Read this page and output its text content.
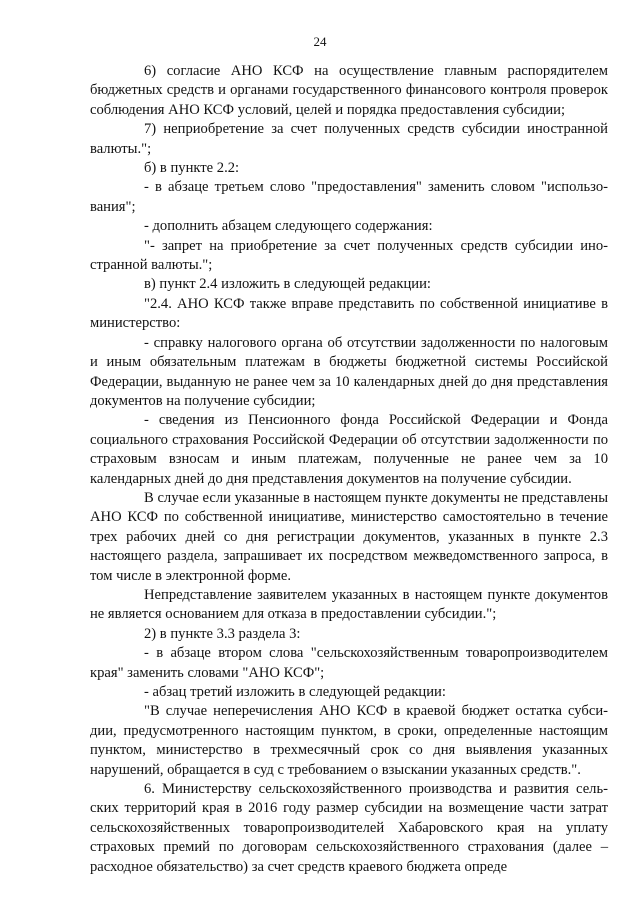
24

6) согласие АНО КСФ на осуществление главным распорядителем бюджетных средств и органами государственного финансового контроля проверок соблюдения АНО КСФ условий, целей и порядка предоставления субсидии;

7) неприобретение за счет полученных средств субсидии иностранной валюты.";

б) в пункте 2.2:

- в абзаце третьем слово "предоставления" заменить словом "использования";

- дополнить абзацем следующего содержания:

"- запрет на приобретение за счет полученных средств субсидии иностранной валюты.";

в) пункт 2.4 изложить в следующей редакции:

"2.4. АНО КСФ также вправе представить по собственной инициативе в министерство:

- справку налогового органа об отсутствии задолженности по налоговым и иным обязательным платежам в бюджеты бюджетной системы Российской Федерации, выданную не ранее чем за 10 календарных дней до дня представления документов на получение субсидии;

- сведения из Пенсионного фонда Российской Федерации и Фонда социального страхования Российской Федерации об отсутствии задолженности по страховым взносам и иным платежам, полученные не ранее чем за 10 календарных дней до дня представления документов на получение субсидии.

В случае если указанные в настоящем пункте документы не представлены АНО КСФ по собственной инициативе, министерство самостоятельно в течение трех рабочих дней со дня регистрации документов, указанных в пункте 2.3 настоящего раздела, запрашивает их посредством межведомственного запроса, в том числе в электронной форме.

Непредставление заявителем указанных в настоящем пункте документов не является основанием для отказа в предоставлении субсидии.";

2) в пункте 3.3 раздела 3:

- в абзаце втором слова "сельскохозяйственным товаропроизводителем края" заменить словами "АНО КСФ";

- абзац третий изложить в следующей редакции:

"В случае неперечисления АНО КСФ в краевой бюджет остатка субсидии, предусмотренного настоящим пунктом, в сроки, определенные настоящим пунктом, министерство в трехмесячный срок со дня выявления указанных нарушений, обращается в суд с требованием о взыскании указанных средств.".

6. Министерству сельскохозяйственного производства и развития сельских территорий края в 2016 году размер субсидии на возмещение части затрат сельскохозяйственных товаропроизводителей Хабаровского края на уплату страховых премий по договорам сельскохозяйственного страхования (далее – расходное обязательство) за счет средств краевого бюджета опреде
